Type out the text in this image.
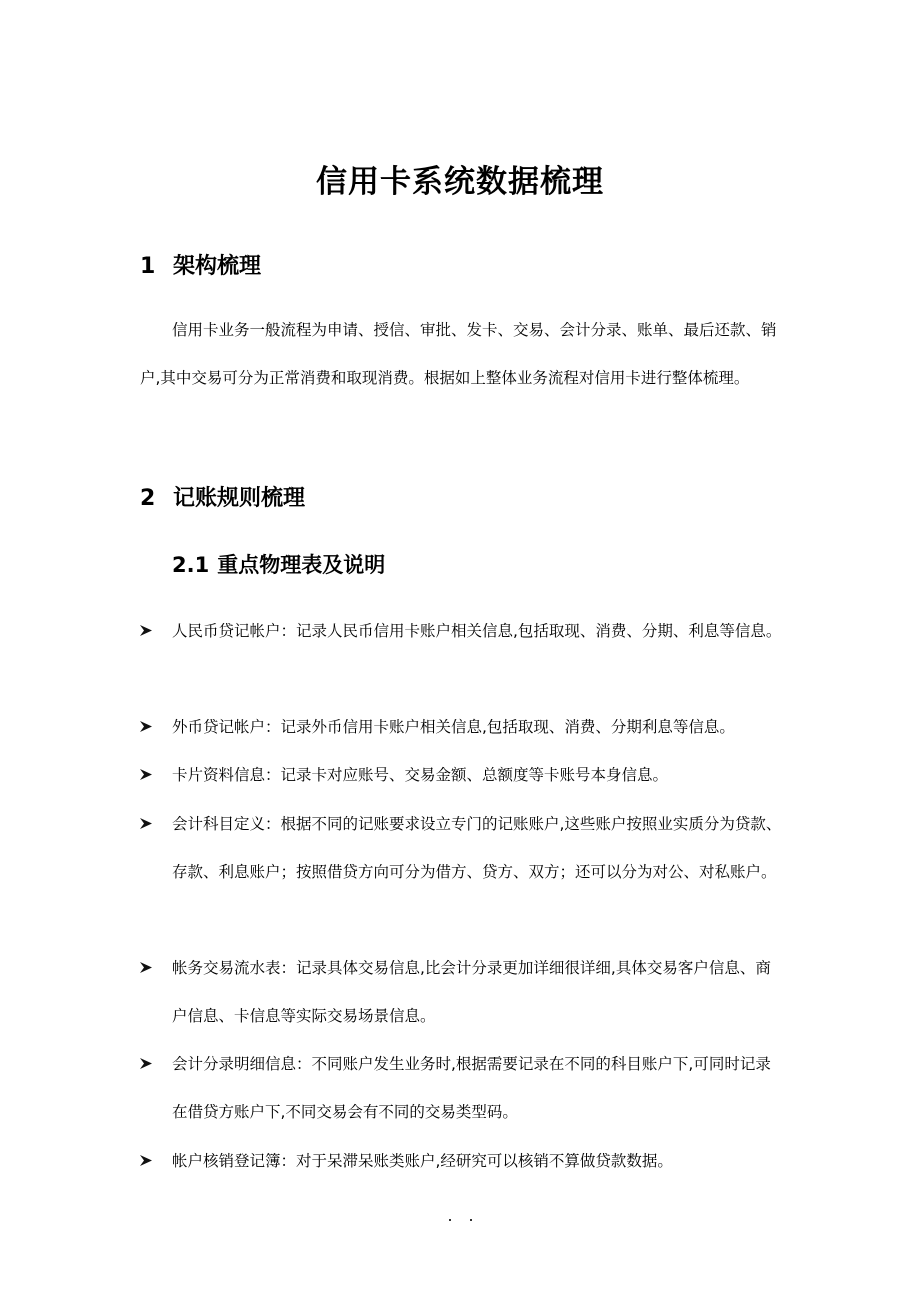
信用卡系统数据梳理
1 架构梳理
信用卡业务一般流程为申请、授信、审批、发卡、交易、会计分录、账单、最后还款、销户,其中交易可分为正常消费和取现消费。根据如上整体业务流程对信用卡进行整体梳理。
2 记账规则梳理
2.1 重点物理表及说明
人民币贷记帐户：记录人民币信用卡账户相关信息,包括取现、消费、分期、利息等信息。
外币贷记帐户：记录外币信用卡账户相关信息,包括取现、消费、分期利息等信息。
卡片资料信息：记录卡对应账号、交易金额、总额度等卡账号本身信息。
会计科目定义：根据不同的记账要求设立专门的记账账户,这些账户按照业实质分为贷款、存款、利息账户；按照借贷方向可分为借方、贷方、双方；还可以分为对公、对私账户。
帐务交易流水表：记录具体交易信息,比会计分录更加详细很详细,具体交易客户信息、商户信息、卡信息等实际交易场景信息。
会计分录明细信息：不同账户发生业务时,根据需要记录在不同的科目账户下,可同时记录在借贷方账户下,不同交易会有不同的交易类型码。
帐户核销登记簿：对于呆滞呆账类账户,经研究可以核销不算做贷款数据。
